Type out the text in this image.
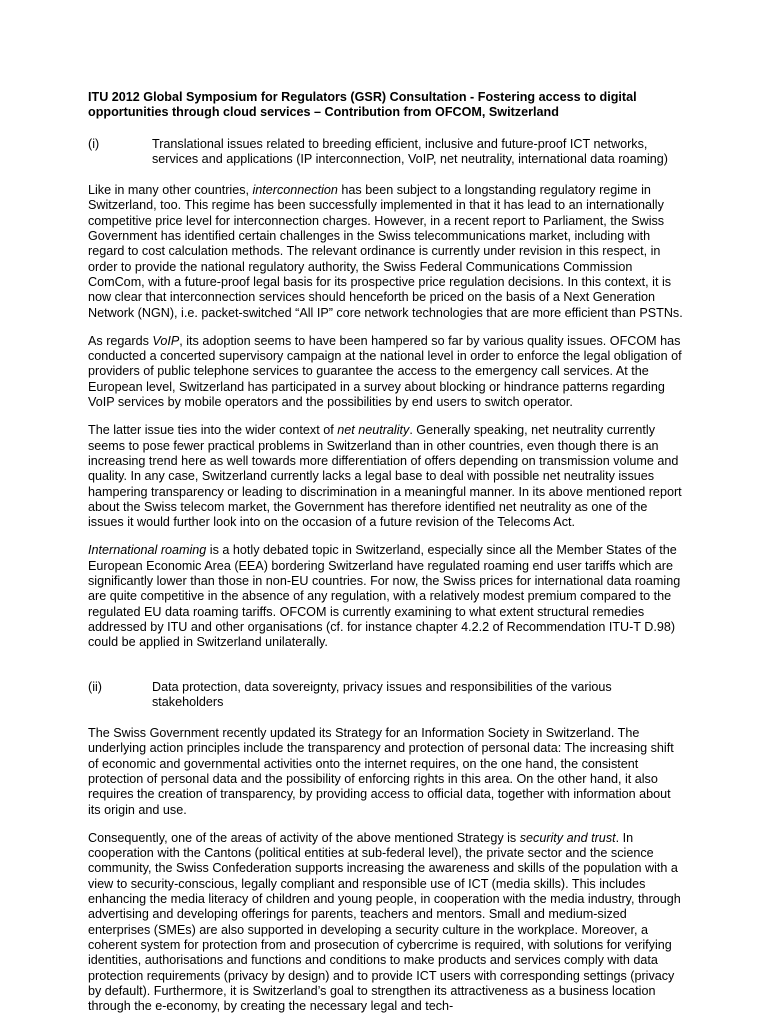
ITU 2012 Global Symposium for Regulators (GSR) Consultation - Fostering access to digital opportunities through cloud services – Contribution from OFCOM, Switzerland

(i)	Translational issues related to breeding efficient, inclusive and future-proof ICT networks, services and applications (IP interconnection, VoIP, net neutrality, international data roaming)

Like in many other countries, interconnection has been subject to a longstanding regulatory regime in Switzerland, too. This regime has been successfully implemented in that it has lead to an internationally competitive price level for interconnection charges. However, in a recent report to Parliament, the Swiss Government has identified certain challenges in the Swiss telecommunications market, including with regard to cost calculation methods. The relevant ordinance is currently under revision in this respect, in order to provide the national regulatory authority, the Swiss Federal Communications Commission ComCom, with a future-proof legal basis for its prospective price regulation decisions. In this context, it is now clear that interconnection services should henceforth be priced on the basis of a Next Generation Network (NGN), i.e. packet-switched “All IP” core network technologies that are more efficient than PSTNs.

As regards VoIP, its adoption seems to have been hampered so far by various quality issues. OFCOM has conducted a concerted supervisory campaign at the national level in order to enforce the legal obligation of providers of public telephone services to guarantee the access to the emergency call services. At the European level, Switzerland has participated in a survey about blocking or hindrance patterns regarding VoIP services by mobile operators and the possibilities by end users to switch operator.

The latter issue ties into the wider context of net neutrality. Generally speaking, net neutrality currently seems to pose fewer practical problems in Switzerland than in other countries, even though there is an increasing trend here as well towards more differentiation of offers depending on transmission volume and quality. In any case, Switzerland currently lacks a legal base to deal with possible net neutrality issues hampering transparency or leading to discrimination in a meaningful manner. In its above mentioned report about the Swiss telecom market, the Government has therefore identified net neutrality as one of the issues it would further look into on the occasion of a future revision of the Telecoms Act.

International roaming is a hotly debated topic in Switzerland, especially since all the Member States of the European Economic Area (EEA) bordering Switzerland have regulated roaming end user tariffs which are significantly lower than those in non-EU countries. For now, the Swiss prices for international data roaming are quite competitive in the absence of any regulation, with a relatively modest premium compared to the regulated EU data roaming tariffs. OFCOM is currently examining to what extent structural remedies addressed by ITU and other organisations (cf. for instance chapter 4.2.2 of Recommendation ITU-T D.98) could be applied in Switzerland unilaterally.

(ii)	Data protection, data sovereignty, privacy issues and responsibilities of the various stakeholders

The Swiss Government recently updated its Strategy for an Information Society in Switzerland. The underlying action principles include the transparency and protection of personal data: The increasing shift of economic and governmental activities onto the internet requires, on the one hand, the consistent protection of personal data and the possibility of enforcing rights in this area. On the other hand, it also requires the creation of transparency, by providing access to official data, together with information about its origin and use.

Consequently, one of the areas of activity of the above mentioned Strategy is security and trust. In cooperation with the Cantons (political entities at sub-federal level), the private sector and the science community, the Swiss Confederation supports increasing the awareness and skills of the population with a view to security-conscious, legally compliant and responsible use of ICT (media skills). This includes enhancing the media literacy of children and young people, in cooperation with the media industry, through advertising and developing offerings for parents, teachers and mentors. Small and medium-sized enterprises (SMEs) are also supported in developing a security culture in the workplace. Moreover, a coherent system for protection from and prosecution of cybercrime is required, with solutions for verifying identities, authorisations and functions and conditions to make products and services comply with data protection requirements (privacy by design) and to provide ICT users with corresponding settings (privacy by default). Furthermore, it is Switzerland’s goal to strengthen its attractiveness as a business location through the e-economy, by creating the necessary legal and tech-
